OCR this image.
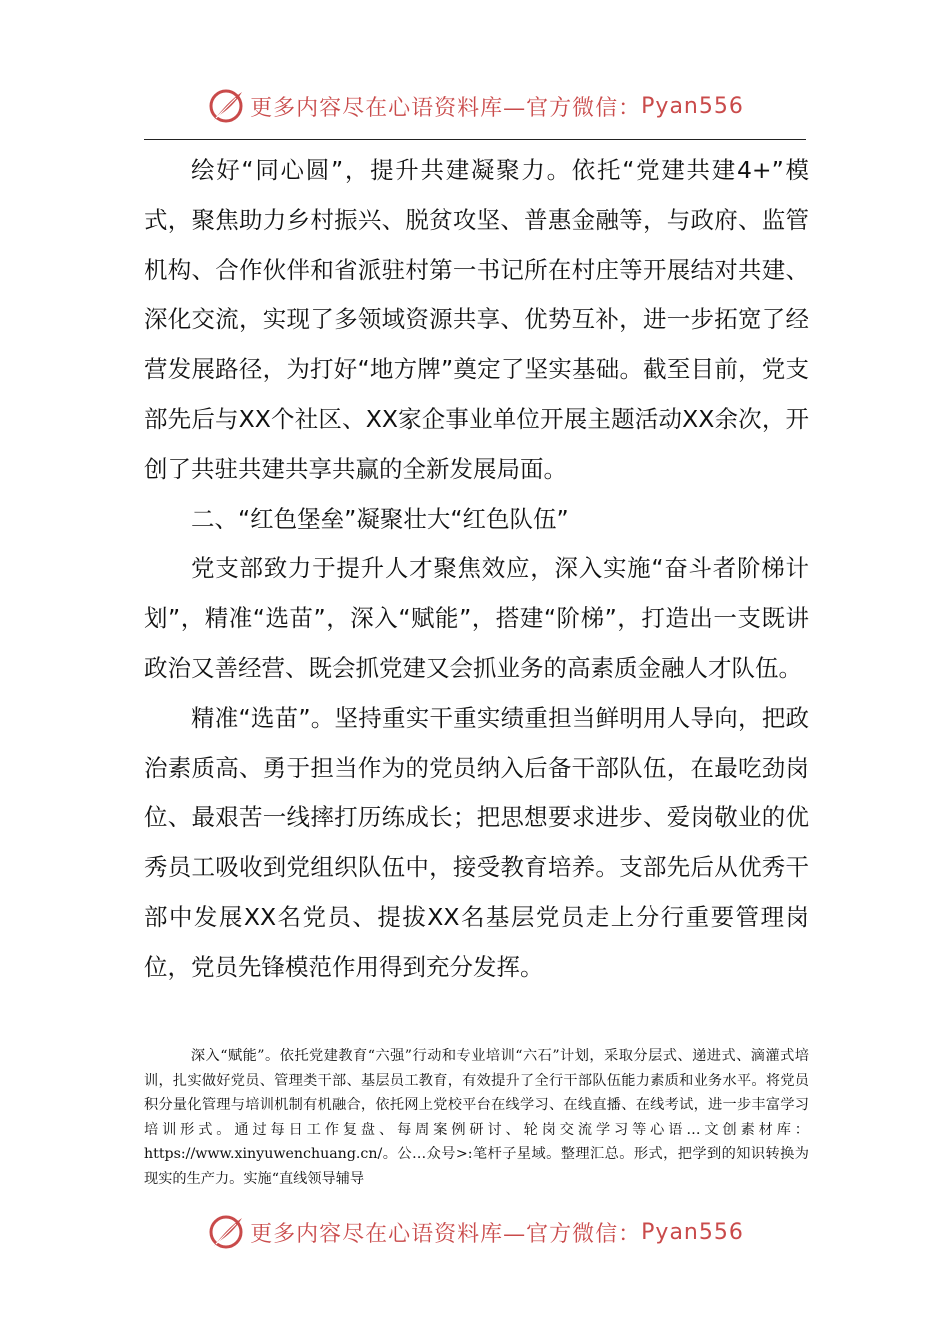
更多内容尽在心语资料库—官方微信： Pyan556

绘好“同心圆”，提升共建凝聚力。依托“党建共建4+”模式，聚焦助力乡村振兴、脱贫攻坚、普惠金融等，与政府、监管机构、合作伙伴和省派驻村第一书记所在村庄等开展结对共建、深化交流，实现了多领域资源共享、优势互补，进一步拓宽了经营发展路径，为打好“地方牌”奠定了坚实基础。截至目前，党支部先后与XX个社区、XX家企事业单位开展主题活动XX余次，开创了共驻共建共享共赢的全新发展局面。

二、“红色堡垒”凝聚壮大“红色队伍”

党支部致力于提升人才聚焦效应，深入实施“奋斗者阶梯计划”，精准“选苗”，深入“赋能”，搭建“阶梯”，打造出一支既讲政治又善经营、既会抓党建又会抓业务的高素质金融人才队伍。

精准“选苗”。坚持重实干重实绩重担当鲜明用人导向，把政治素质高、勇于担当作为的党员纳入后备干部队伍，在最吃劲岗位、最艰苦一线摔打历练成长；把思想要求进步、爱岗敬业的优秀员工吸收到党组织队伍中，接受教育培养。支部先后从优秀干部中发展XX名党员、提拔XX名基层党员走上分行重要管理岗位，党员先锋模范作用得到充分发挥。

深入“赋能”。依托党建教育“六强”行动和专业培训“六石”计划，采取分层式、递进式、滴灌式培训，扎实做好党员、管理类干部、基层员工教育，有效提升了全行干部队伍能力素质和业务水平。将党员积分量化管理与培训机制有机融合，依托网上党校平台在线学习、在线直播、在线考试，进一步丰富学习培训形式。通过每日工作复盘、每周案例研讨、轮岗交流学习等心语…文创素材库：https://www.xinyuwenchuang.cn/。公…众号>:笔杆子星域。整理汇总。形式，把学到的知识转换为现实的生产力。实施“直线领导辅导

更多内容尽在心语资料库—官方微信： Pyan556
